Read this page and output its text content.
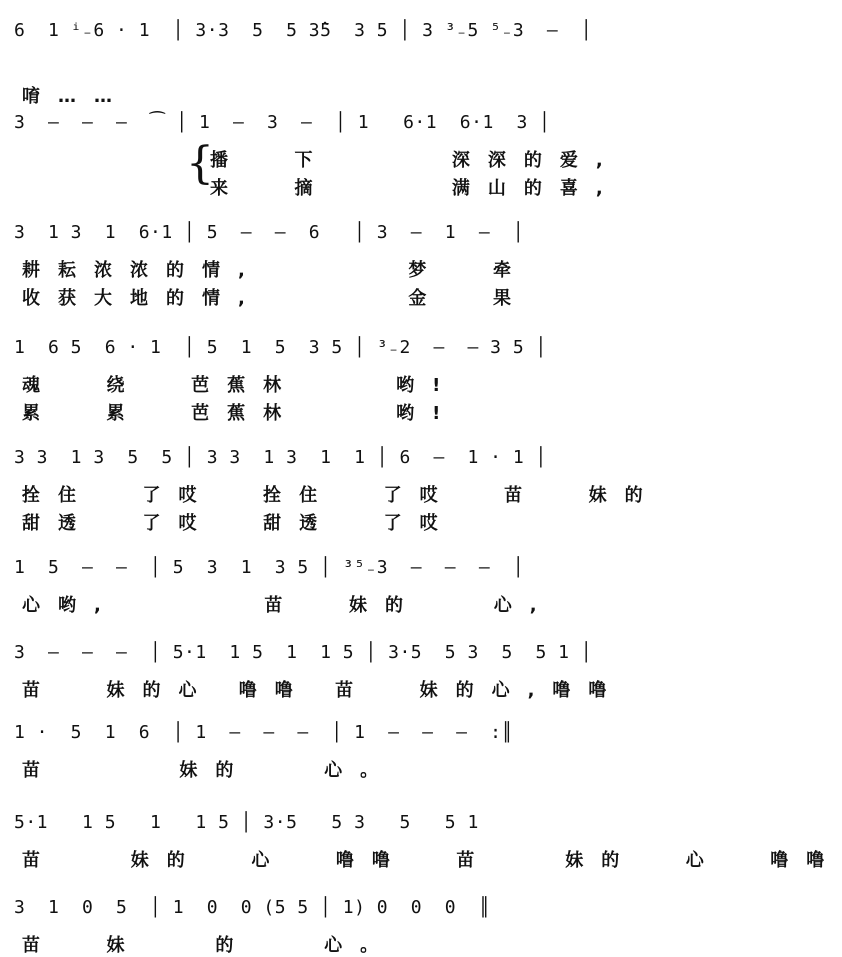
6  1 ⁱ₋6 · 1  │ 3·3  5  5 3̂5  3 5 │ 3 ³₋5 ⁵₋3  —  │
唷……
3  —  —  —  ⁀ │ 1  —  3  —  │ 1   6·1  6·1  3 │
播  下     深深的爱,
来  摘     满山的喜,
{
3  1 3  1  6·1 │ 5  —  —  6   │ 3  —  1  —  │
耕耘浓浓的情,      梦  牵
收获大地的情,      金  果
1  6 5  6 · 1  │ 5  1  5  3 5 │ ³₋2  —  — 3 5 │
魂  绕  芭蕉林    哟!
累  累  芭蕉林    哟!
3 3  1 3  5  5 │ 3 3  1 3  1  1 │ 6  —  1 · 1 │
拴住  了哎  拴住  了哎  苗  妹的
甜透  了哎  甜透  了哎
1  5  —  —  │ 5  3  1  3 5 │ ³⁵₋3  —  —  —  │
心哟,      苗  妹的   心,
3  —  —  —  │ 5·1  1 5  1  1 5 │ 3·5  5 3  5  5 1 │
苗  妹的心 噜噜 苗  妹的心,噜噜
1 ·  5  1  6  │ 1  —  —  —  │ 1  —  —  —  :║
苗     妹的   心。
5·1   1 5   1   1 5 │ 3·5   5 3   5   5 1
苗   妹的  心  噜噜  苗   妹的  心  噜噜
3  1  0  5  │ 1  0  0 (5 5 │ 1) 0  0  0  ║
苗  妹   的   心。
